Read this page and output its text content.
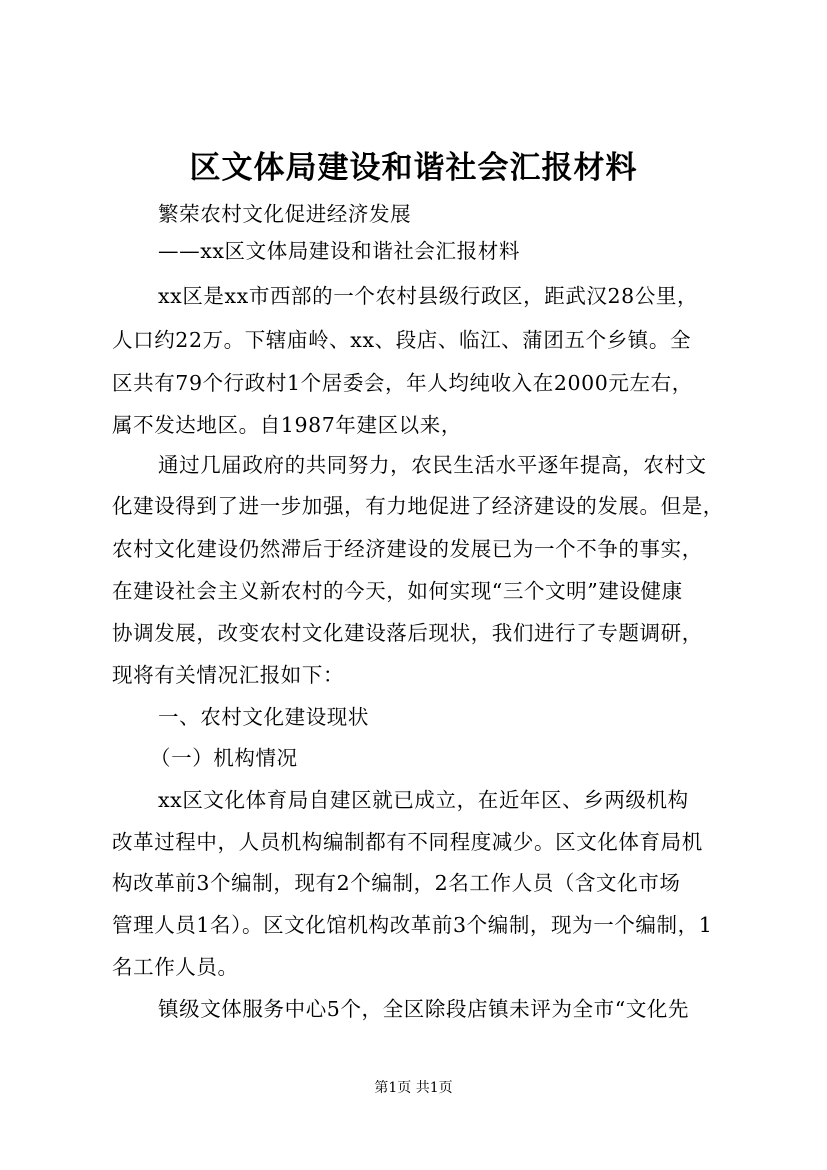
区文体局建设和谐社会汇报材料
繁荣农村文化促进经济发展
——xx区文体局建设和谐社会汇报材料
xx区是xx市西部的一个农村县级行政区，距武汉28公里，
人口约22万。下辖庙岭、xx、段店、临江、蒲团五个乡镇。全
区共有79个行政村1个居委会，年人均纯收入在2000元左右，
属不发达地区。自1987年建区以来，
通过几届政府的共同努力，农民生活水平逐年提高，农村文
化建设得到了进一步加强，有力地促进了经济建设的发展。但是，
农村文化建设仍然滞后于经济建设的发展已为一个不争的事实，
在建设社会主义新农村的今天，如何实现“三个文明”建设健康
协调发展，改变农村文化建设落后现状，我们进行了专题调研，
现将有关情况汇报如下：
一、农村文化建设现状
（一）机构情况
xx区文化体育局自建区就已成立，在近年区、乡两级机构
改革过程中，人员机构编制都有不同程度减少。区文化体育局机
构改革前3个编制，现有2个编制，2名工作人员（含文化市场
管理人员1名）。区文化馆机构改革前3个编制，现为一个编制，1
名工作人员。
镇级文体服务中心5个，全区除段店镇未评为全市“文化先
第1页 共1页
